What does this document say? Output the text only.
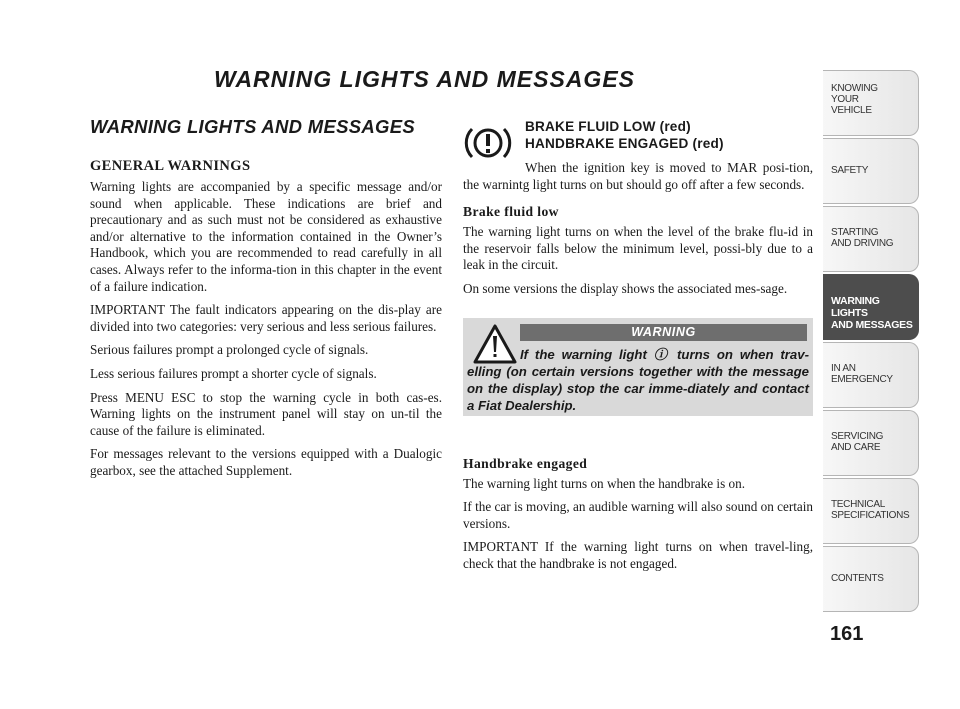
WARNING LIGHTS AND MESSAGES
WARNING LIGHTS AND MESSAGES
GENERAL WARNINGS

Warning lights are accompanied by a specific message and/or sound when applicable. These indications are brief and precautionary and as such must not be considered as exhaustive and/or alternative to the information contained in the Owner’s Handbook, which you are recommended to read carefully in all cases. Always refer to the informa-tion in this chapter in the event of a failure indication.

IMPORTANT The fault indicators appearing on the dis-play are divided into two categories: very serious and less serious failures.

Serious failures prompt a prolonged cycle of signals.

Less serious failures prompt a shorter cycle of signals.

Press MENU ESC to stop the warning cycle in both cas-es. Warning lights on the instrument panel will stay on un-til the cause of the failure is eliminated.

For messages relevant to the versions equipped with a Dualogic gearbox, see the attached Supplement.

BRAKE FLUID LOW (red)
HANDBRAKE ENGAGED (red)

When the ignition key is moved to MAR posi-tion, the warnintg light turns on but should go off after a few seconds.

Brake fluid low

The warning light turns on when the level of the brake flu-id in the reservoir falls below the minimum level, possi-bly due to a leak in the circuit.

On some versions the display shows the associated mes-sage.

WARNING
If the warning light ⓘ turns on when trav-elling (on certain versions together with the message on the display) stop the car imme-diately and contact a Fiat Dealership.
Handbrake engaged

The warning light turns on when the handbrake is on.

If the car is moving, an audible warning will also sound on certain versions.

IMPORTANT If the warning light turns on when travel-ling, check that the handbrake is not engaged.

KNOWING
YOUR
VEHICLE
SAFETY
STARTING
AND DRIVING
WARNING LIGHTS
AND MESSAGES
IN AN
EMERGENCY
SERVICING
AND CARE
TECHNICAL
SPECIFICATIONS
CONTENTS
161
